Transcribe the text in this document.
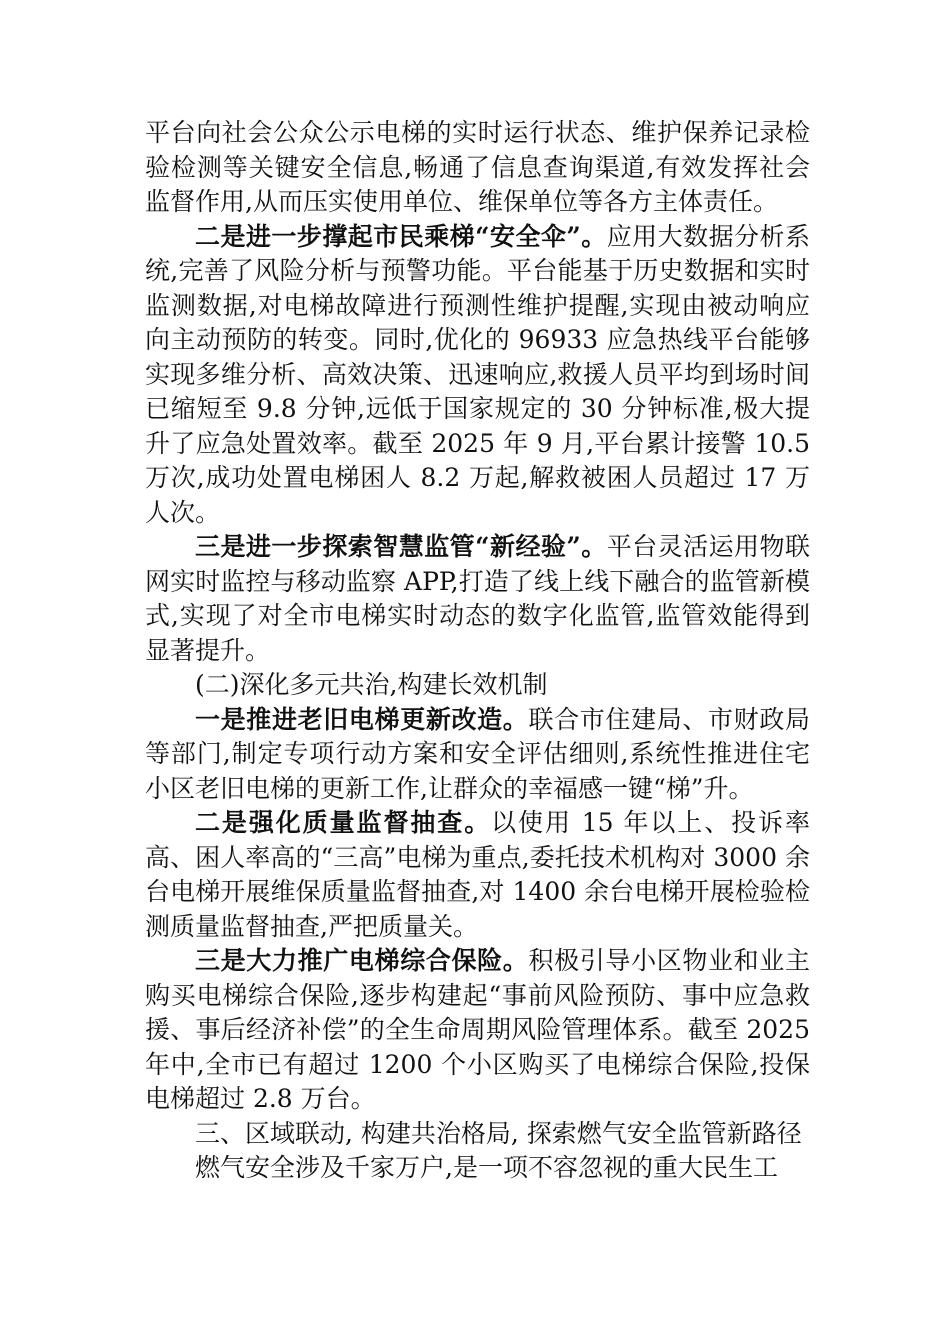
平台向社会公众公示电梯的实时运行状态、维护保养记录检验检测等关键安全信息,畅通了信息查询渠道,有效发挥社会监督作用,从而压实使用单位、维保单位等各方主体责任。

二是进一步撑起市民乘梯“安全伞”。应用大数据分析系统,完善了风险分析与预警功能。平台能基于历史数据和实时监测数据,对电梯故障进行预测性维护提醒,实现由被动响应向主动预防的转变。同时,优化的 96933 应急热线平台能够实现多维分析、高效决策、迅速响应,救援人员平均到场时间已缩短至 9.8 分钟,远低于国家规定的 30 分钟标准,极大提升了应急处置效率。截至 2025 年 9 月,平台累计接警 10.5 万次,成功处置电梯困人 8.2 万起,解救被困人员超过 17 万人次。

三是进一步探索智慧监管“新经验”。平台灵活运用物联网实时监控与移动监察 APP,打造了线上线下融合的监管新模式,实现了对全市电梯实时动态的数字化监管,监管效能得到显著提升。

(二)深化多元共治,构建长效机制

一是推进老旧电梯更新改造。联合市住建局、市财政局等部门,制定专项行动方案和安全评估细则,系统性推进住宅小区老旧电梯的更新工作,让群众的幸福感一键“梯”升。

二是强化质量监督抽查。以使用 15 年以上、投诉率高、困人率高的“三高”电梯为重点,委托技术机构对 3000 余台电梯开展维保质量监督抽查,对 1400 余台电梯开展检验检测质量监督抽查,严把质量关。

三是大力推广电梯综合保险。积极引导小区物业和业主购买电梯综合保险,逐步构建起“事前风险预防、事中应急救援、事后经济补偿”的全生命周期风险管理体系。截至 2025 年中,全市已有超过 1200 个小区购买了电梯综合保险,投保电梯超过 2.8 万台。

三、区域联动, 构建共治格局, 探索燃气安全监管新路径

燃气安全涉及千家万户,是一项不容忽视的重大民生工
